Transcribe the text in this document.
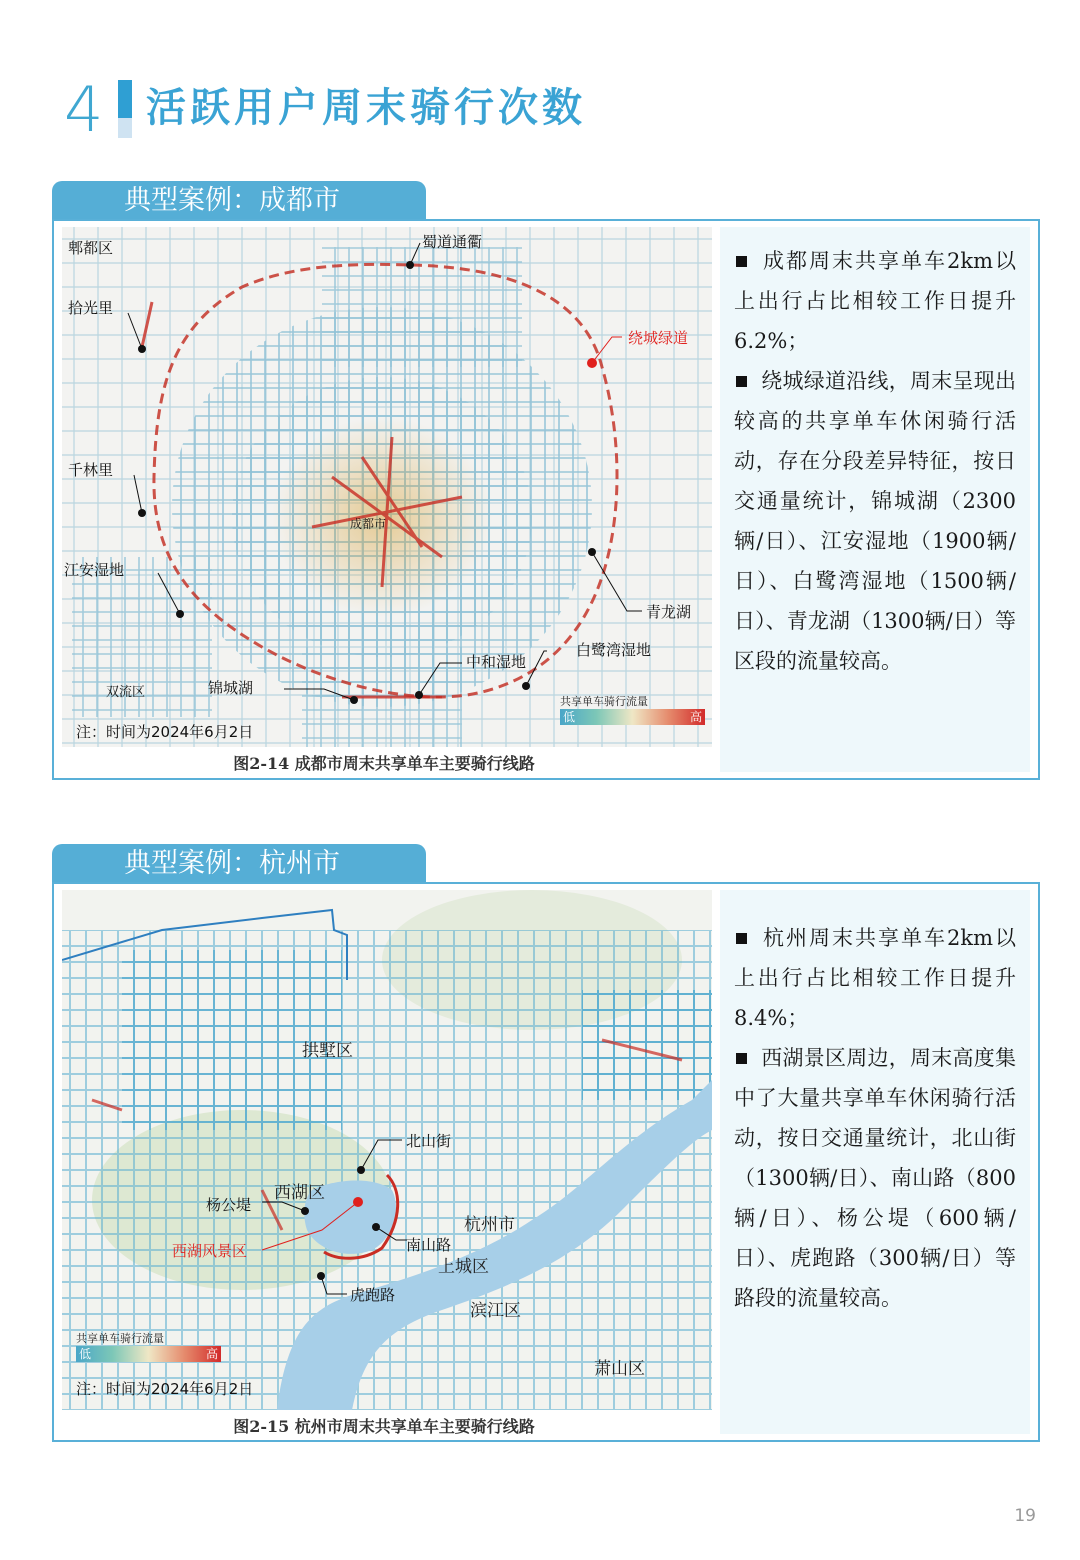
4 活跃用户周末骑行次数
典型案例：成都市
郫都区	蜀道通衢
拾光里
绕城绿道
千林里
成都市
江安湿地
青龙湖
白鹭湾湿地
中和湿地
锦城湖
双流区
共享单车骑行流量
低	高
注：时间为2024年6月2日
图2-14 成都市周末共享单车主要骑行线路

成都周末共享单车2km以上出行占比相较工作日提升6.2%；

绕城绿道沿线，周末呈现出较高的共享单车休闲骑行活动，存在分段差异特征，按日交通量统计，锦城湖（2300辆/日）、江安湿地（1900辆/日）、白鹭湾湿地（1500辆/日）、青龙湖（1300辆/日）等区段的流量较高。

典型案例：杭州市
拱墅区
北山街
西湖区
杨公堤
杭州市
南山路
西湖风景区
上城区
虎跑路
滨江区
萧山区
共享单车骑行流量
低	高
注：时间为2024年6月2日
图2-15 杭州市周末共享单车主要骑行线路

杭州周末共享单车2km以上出行占比相较工作日提升8.4%；

西湖景区周边，周末高度集中了大量共享单车休闲骑行活动，按日交通量统计，北山街（1300辆/日）、南山路（800辆/日）、杨公堤（600辆/日）、虎跑路（300辆/日）等路段的流量较高。

19
